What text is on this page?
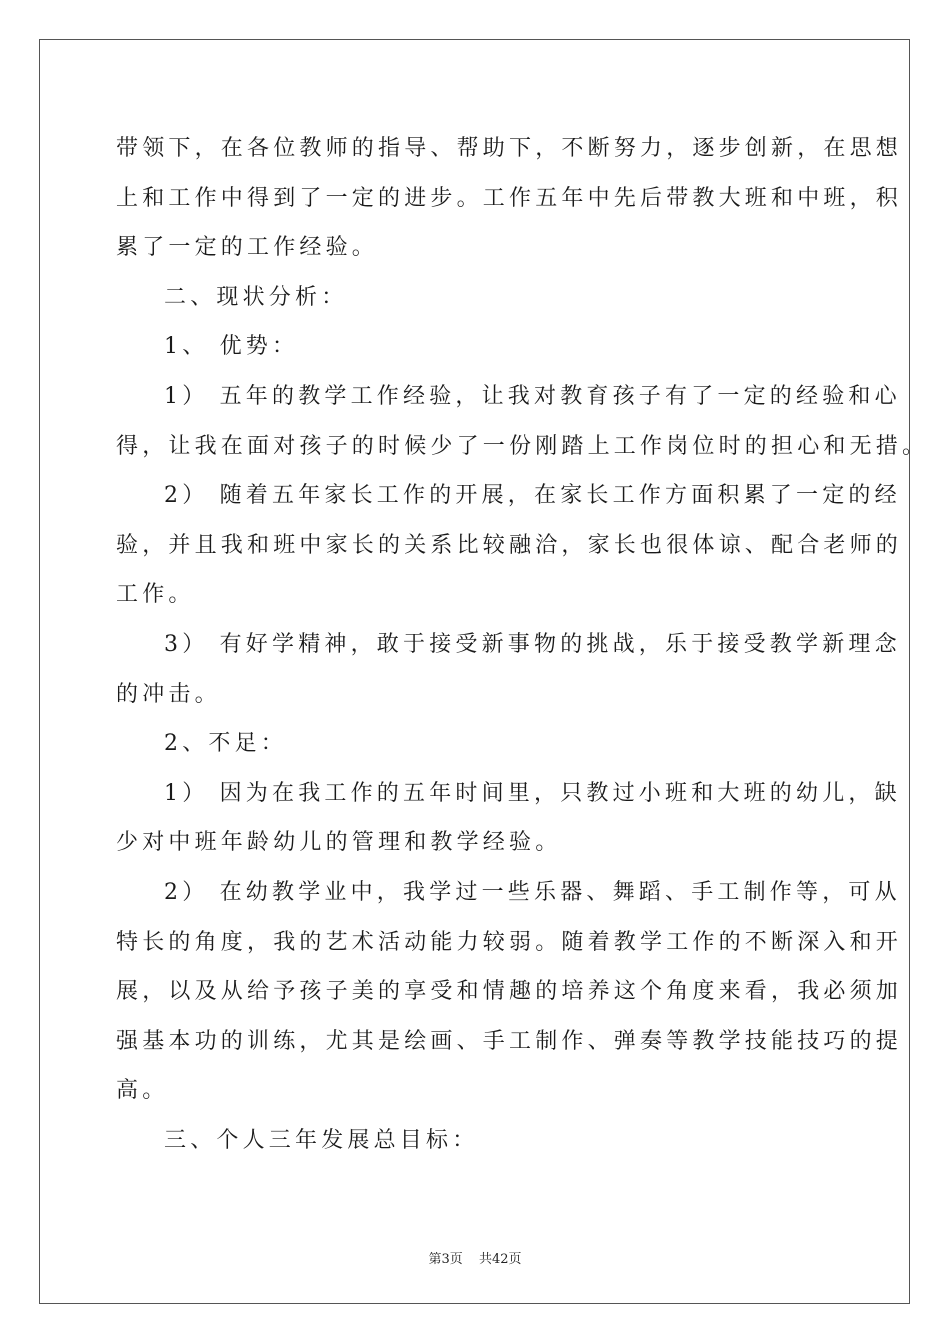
带领下，在各位教师的指导、帮助下，不断努力，逐步创新，在思想
上和工作中得到了一定的进步。工作五年中先后带教大班和中班，积
累了一定的工作经验。

二、现状分析：

1、 优势：

1） 五年的教学工作经验，让我对教育孩子有了一定的经验和心
得，让我在面对孩子的时候少了一份刚踏上工作岗位时的担心和无措。

2） 随着五年家长工作的开展，在家长工作方面积累了一定的经
验，并且我和班中家长的关系比较融洽，家长也很体谅、配合老师的
工作。

3） 有好学精神，敢于接受新事物的挑战，乐于接受教学新理念
的冲击。

2、不足：

1） 因为在我工作的五年时间里，只教过小班和大班的幼儿，缺
少对中班年龄幼儿的管理和教学经验。

2） 在幼教学业中，我学过一些乐器、舞蹈、手工制作等，可从
特长的角度，我的艺术活动能力较弱。随着教学工作的不断深入和开
展，以及从给予孩子美的享受和情趣的培养这个角度来看，我必须加
强基本功的训练，尤其是绘画、手工制作、弹奏等教学技能技巧的提
高。

三、个人三年发展总目标：

第3页 共42页
